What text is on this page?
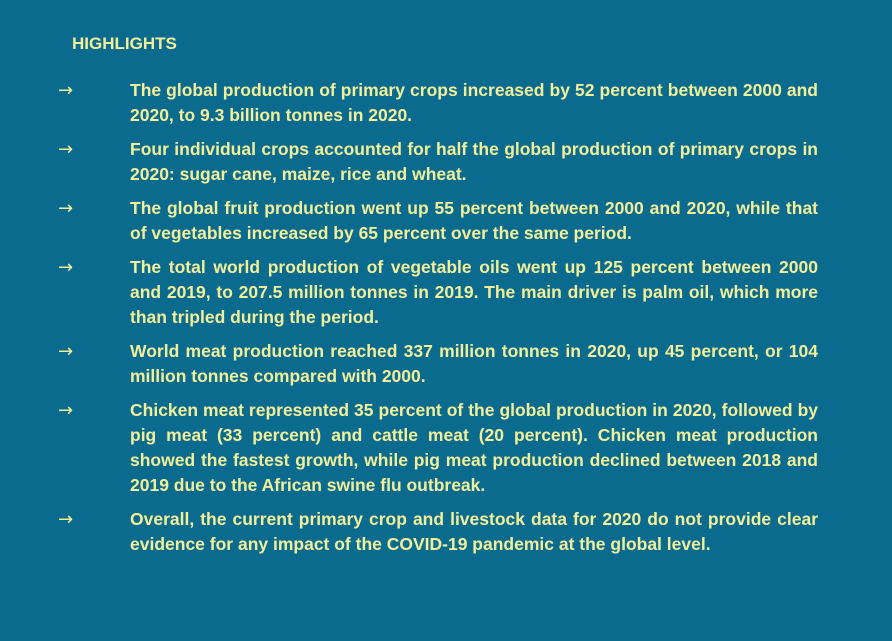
HIGHLIGHTS
→	The global production of primary crops increased by 52 percent between 2000 and 2020, to 9.3 billion tonnes in 2020.
→	Four individual crops accounted for half the global production of primary crops in 2020: sugar cane, maize, rice and wheat.
→	The global fruit production went up 55 percent between 2000 and 2020, while that of vegetables increased by 65 percent over the same period.
→	The total world production of vegetable oils went up 125 percent between 2000 and 2019, to 207.5 million tonnes in 2019. The main driver is palm oil, which more than tripled during the period.
→	World meat production reached 337 million tonnes in 2020, up 45 percent, or 104 million tonnes compared with 2000.
→	Chicken meat represented 35 percent of the global production in 2020, followed by pig meat (33 percent) and cattle meat (20 percent). Chicken meat production showed the fastest growth, while pig meat production declined between 2018 and 2019 due to the African swine flu outbreak.
→	Overall, the current primary crop and livestock data for 2020 do not provide clear evidence for any impact of the COVID-19 pandemic at the global level.
